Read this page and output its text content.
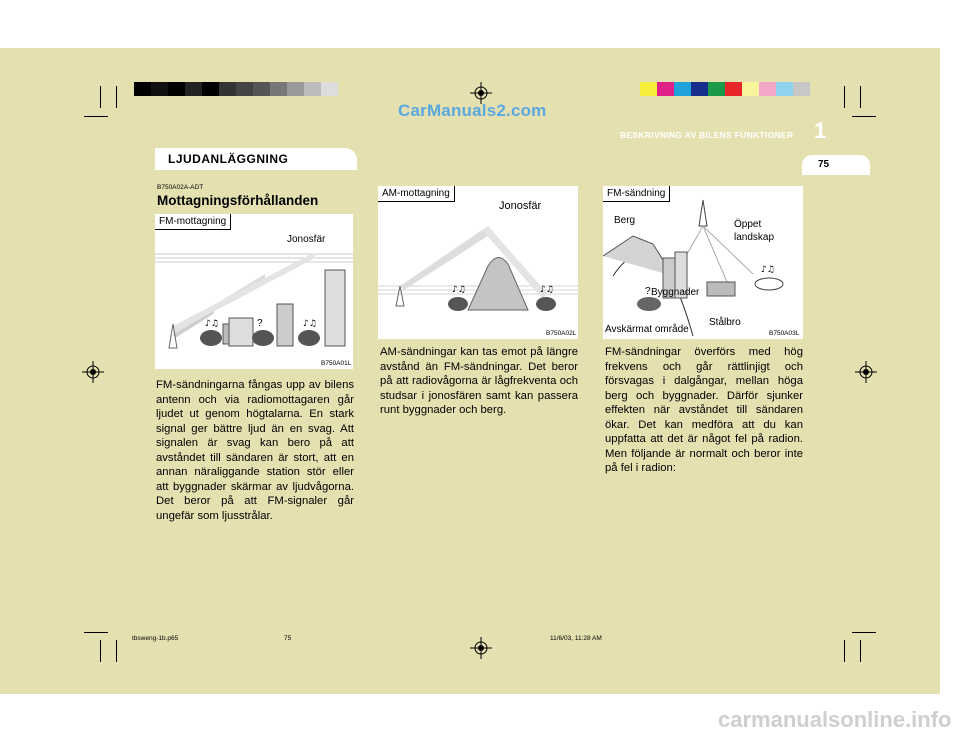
CarManuals2.com
BESKRIVNING AV BILENS FUNKTIONER 1
75
LJUDANLÄGGNING
B750A02A-ADT
Mottagningsförhållanden
♪♫	♪♫
FM-mottagning
Jonosfär
?
B750A01L
♪♫	♪♫
AM-mottagning
Jonosfär
B750A02L
♪♫
FM-sändning
Berg	Öppet
landskap
Byggnader
Stålbro
Avskärmat område
?
B750A03L
FM-sändningarna fångas upp av bilens antenn och via radiomottagaren går ljudet ut genom högtalarna. En stark signal ger bättre ljud än en svag. Att signalen är svag kan bero på att avståndet till sändaren är stort, att en annan näraliggande station stör eller att byggnader skärmar av ljudvågorna. Det beror på att FM-signaler går ungefär som ljusstrålar.
AM-sändningar kan tas emot på längre avstånd än FM-sändningar. Det beror på att radiovågorna är lågfrekventa och studsar i jonosfären samt kan passera runt byggnader och berg.
FM-sändningar överförs med hög frekvens och går rättlinjigt och försvagas i dalgångar, mellan höga berg och byggnader. Därför sjunker effekten när avståndet till sändaren ökar. Det kan medföra att du kan uppfatta att det är något fel på radion. Men följande är normalt och beror inte på fel i radion:
tbsweng-1b.p65	75	11/6/03, 11:28 AM
carmanualsonline.info
